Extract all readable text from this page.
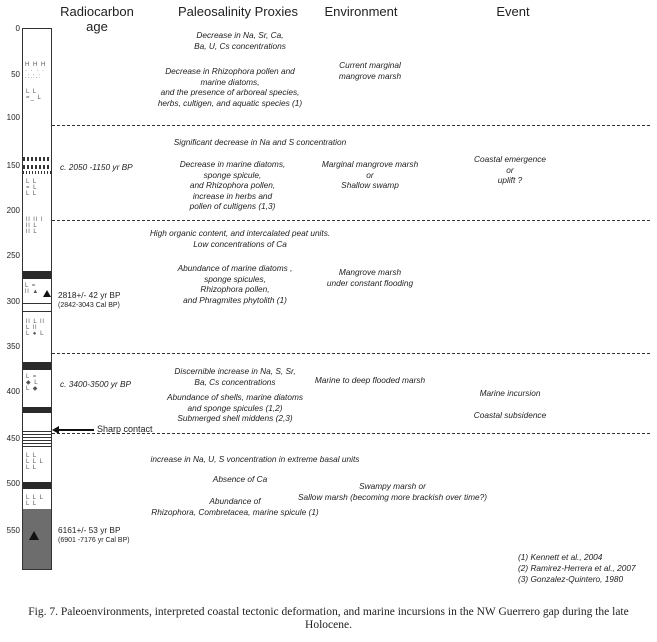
Radiocarbon
age
Paleosalinity Proxies	Environment	Event
0
50
100
150
200
250
300
350
400
450
500
550
H H H
· · · ·
.:.:.:
L L
=_ L
L L
= L
L L
ll ll l
ll L
ll L
L =
ll ▲
ll L ll
L ll
L ● L
L =
◆ L
L ◆
L L
L L L
L L
L L L
L L
Sharp contact
c. 2050 -1150 yr BP
2818+/- 42 yr BP
(2842-3043 Cal BP)
c. 3400-3500 yr BP
6161+/- 53 yr BP
(6901 -7176 yr Cal BP)
Decrease in Na, Sr, Ca,
Ba, U, Cs concentrations
Decrease in Rhizophora pollen and
marine diatoms,
and the presence of arboreal species,
herbs, cultigen, and aquatic species (1)
Significant decrease in Na and S concentration
Decrease in marine diatoms,
sponge spicule,
and Rhizophora pollen,
increase in herbs and
pollen of cultigens (1,3)
High organic content, and intercalated peat units.
Low concentrations of Ca
Abundance of marine diatoms ,
sponge spicules,
Rhizophora pollen,
and Phragmites phytolith (1)
Discernible increase in Na, S, Sr,
Ba, Cs concentrations
Abundance of shells, marine diatoms
and sponge spicules (1,2)
Submerged shell middens (2,3)
increase in Na, U, S voncentration in extreme basal units
Absence of Ca
Abundance of
Rhizophora, Combretacea, marine spicule (1)
Current marginal
mangrove marsh
Marginal mangrove marsh
or
Shallow swamp
Mangrove marsh
under constant flooding
Marine to deep flooded marsh
Swampy marsh or
Sallow marsh (becoming more brackish over time?)
Coastal emergence
or
uplift ?
Marine incursion
Coastal subsidence
(1) Kennett et al., 2004
(2) Ramirez-Herrera et al., 2007
(3) Gonzalez-Quintero, 1980
Fig. 7. Paleoenvironments, interpreted coastal tectonic deformation, and marine incursions in the NW Guerrero gap during the late Holocene.
